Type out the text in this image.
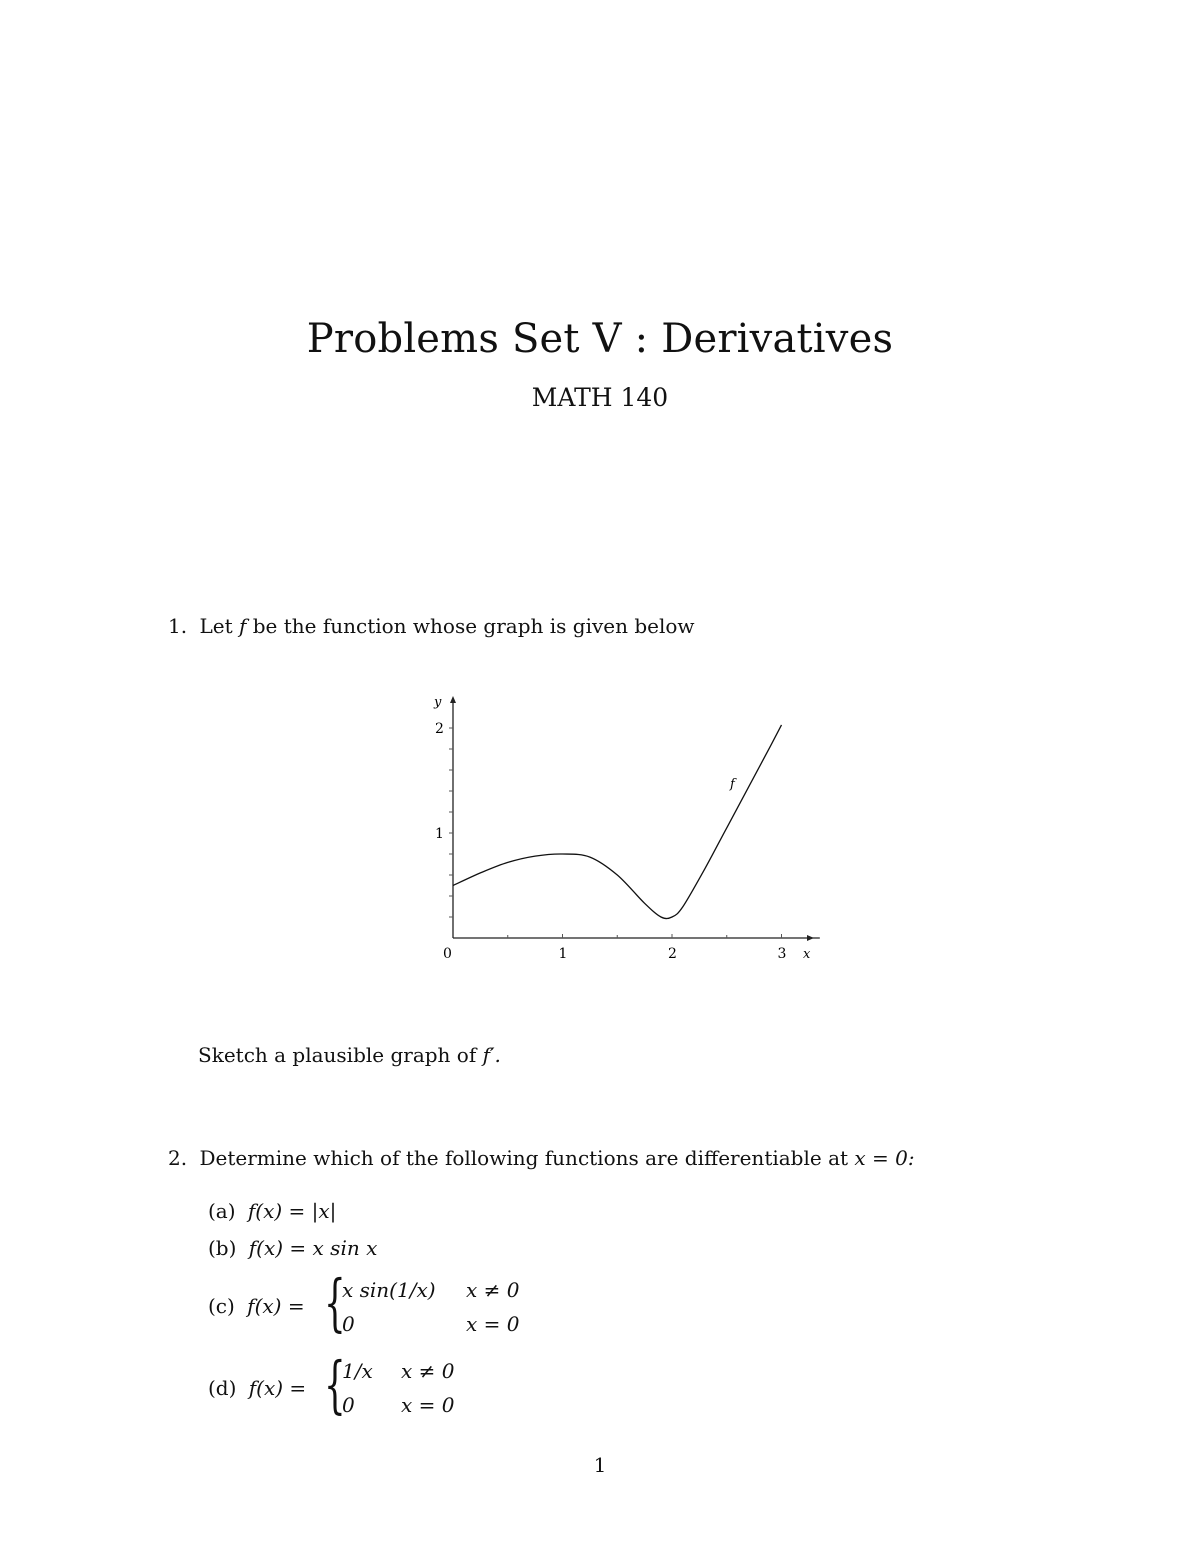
Problems Set V : Derivatives
MATH 140
1. Let f be the function whose graph is given below
0	1	2	3
1
2
y
x
f
Sketch a plausible graph of f′.
2. Determine which of the following functions are differentiable at x = 0:
(a) f(x) = |x|
(b) f(x) = x sin x
(c) f(x) = {
x sin(1/x) x ≠ 0
0	x = 0
(d) f(x) = {
1/x x ≠ 0
0 x = 0
1
